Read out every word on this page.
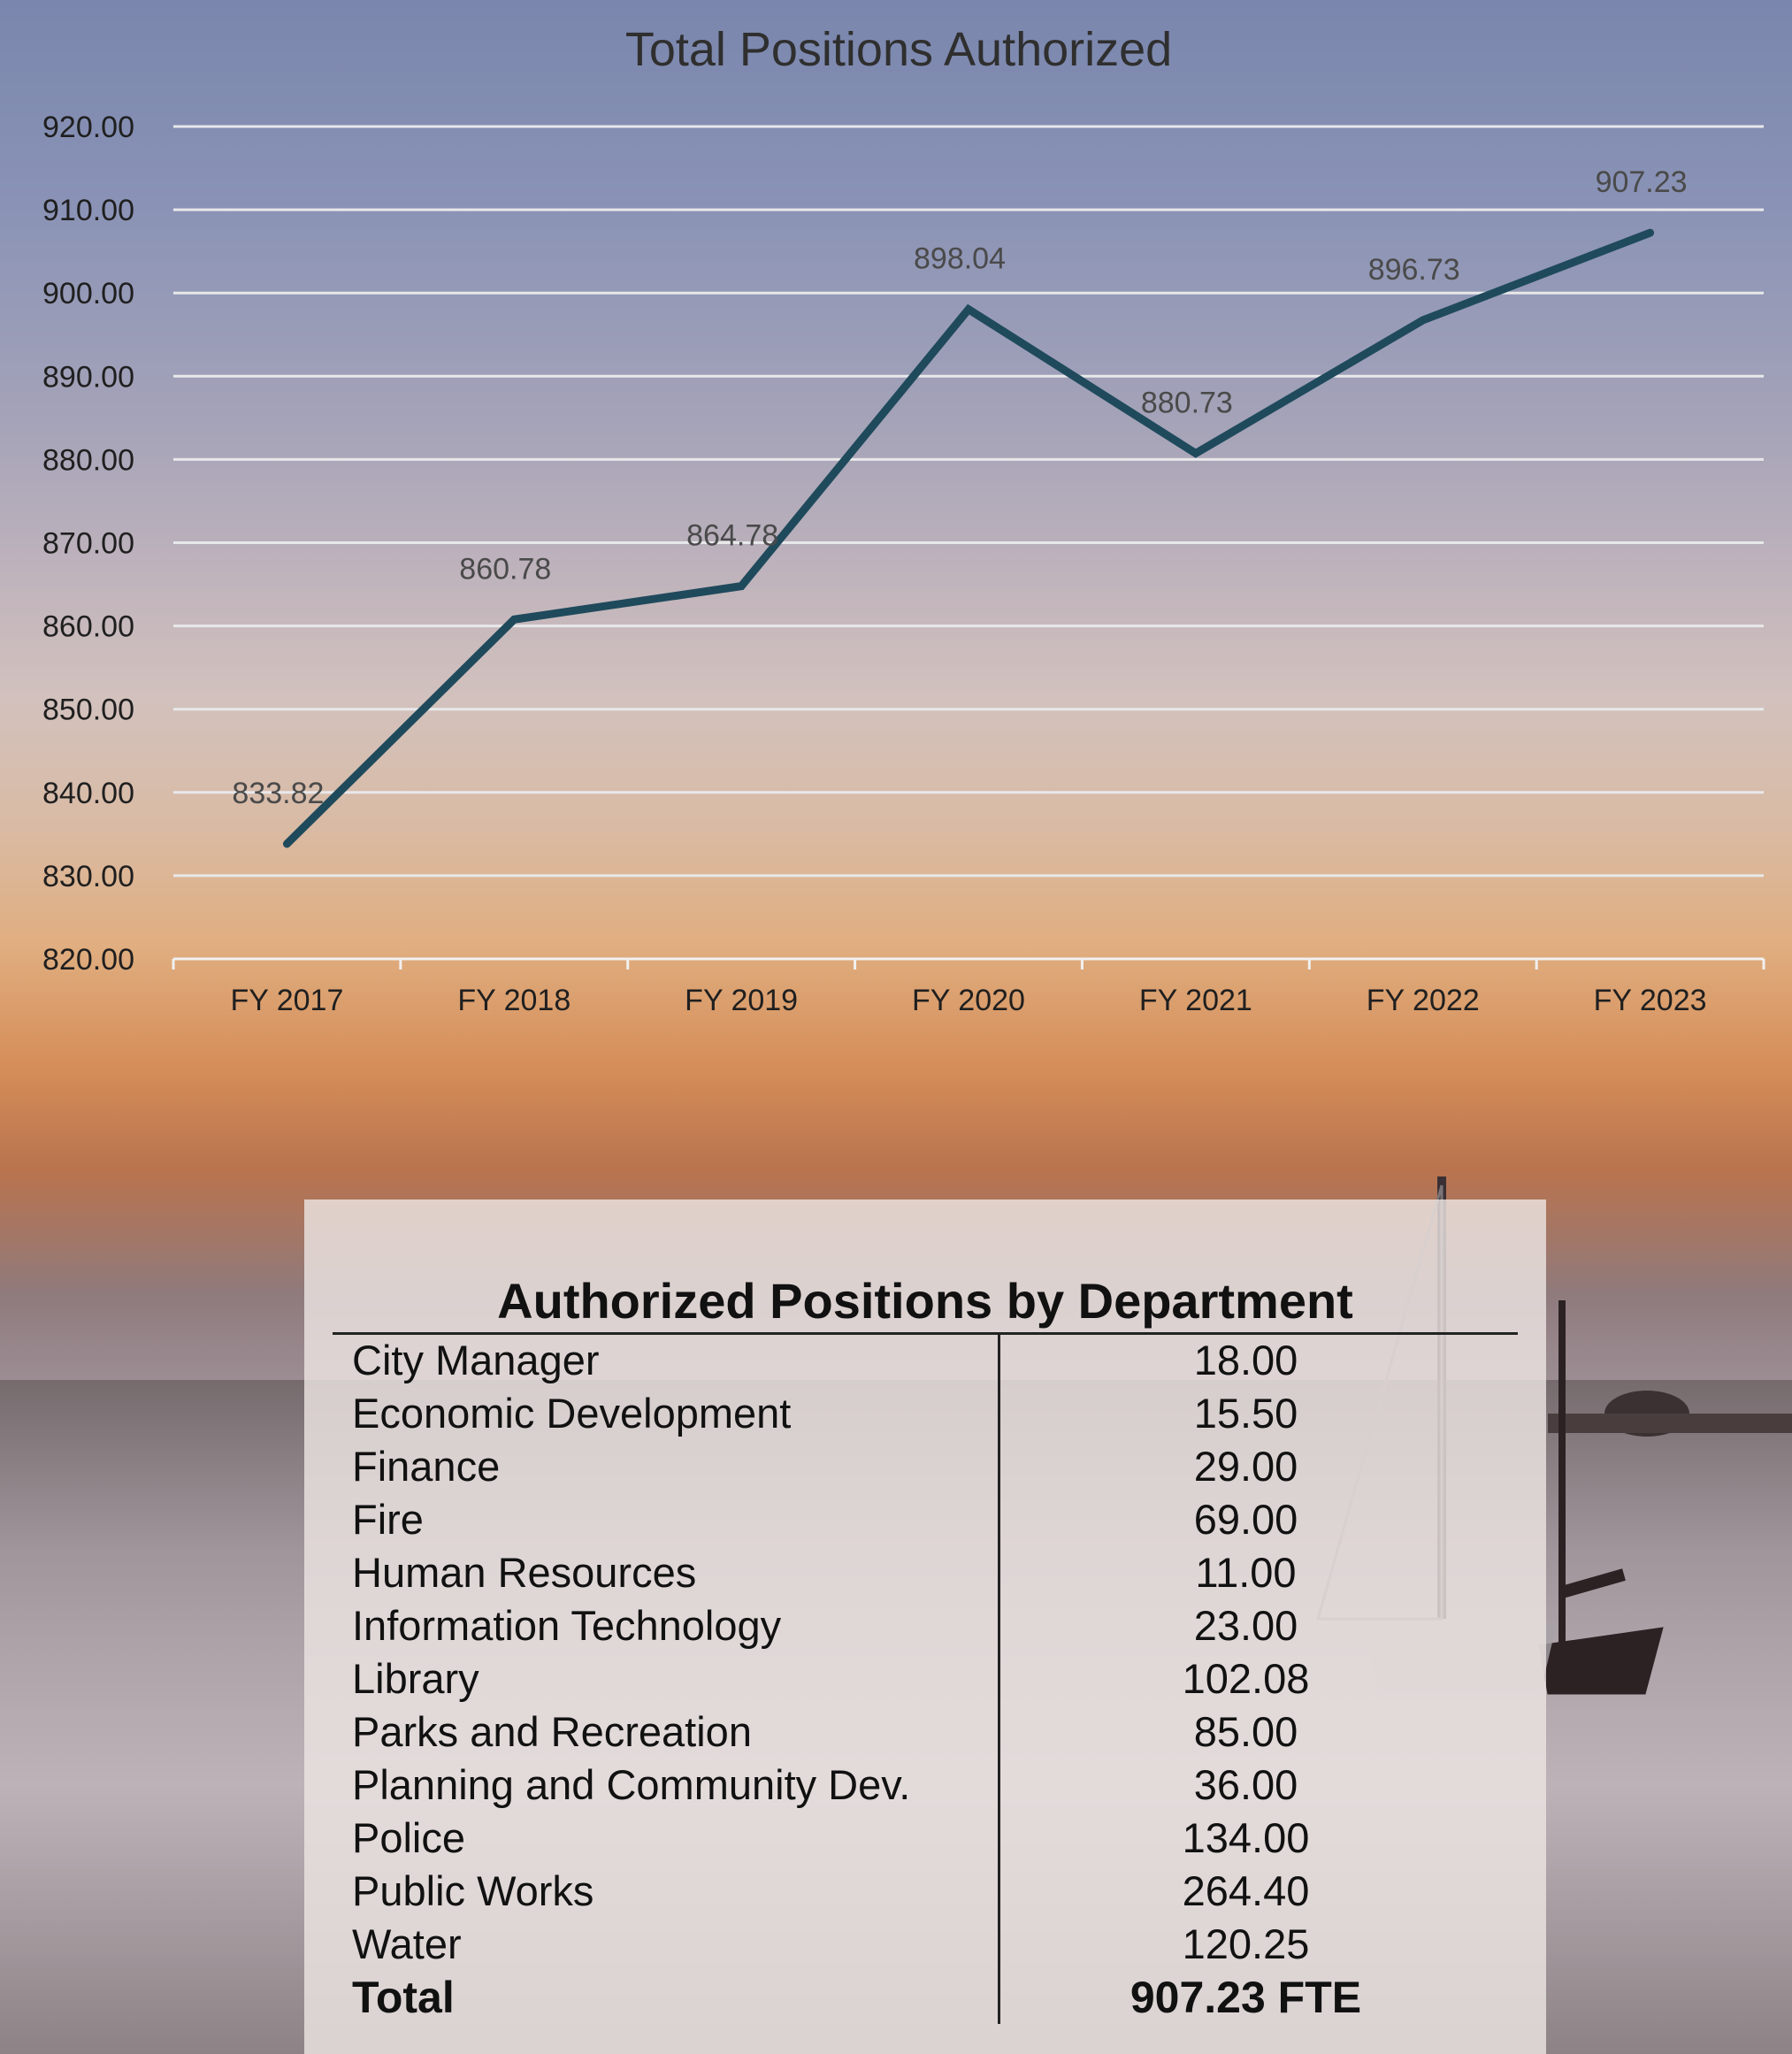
Total Positions Authorized
820.00
830.00
840.00
850.00
860.00
870.00
880.00
890.00
900.00
910.00
920.00
FY 2017	FY 2018	FY 2019	FY 2020	FY 2021	FY 2022	FY 2023
833.82
860.78
864.78
898.04
880.73
896.73
907.23
Authorized Positions by Department
City Manager	18.00
Economic Development	15.50
Finance	29.00
Fire	69.00
Human Resources	11.00
Information Technology	23.00
Library	102.08
Parks and Recreation	85.00
Planning and Community Dev.	36.00
Police	134.00
Public Works	264.40
Water	120.25
Total	907.23 FTE
